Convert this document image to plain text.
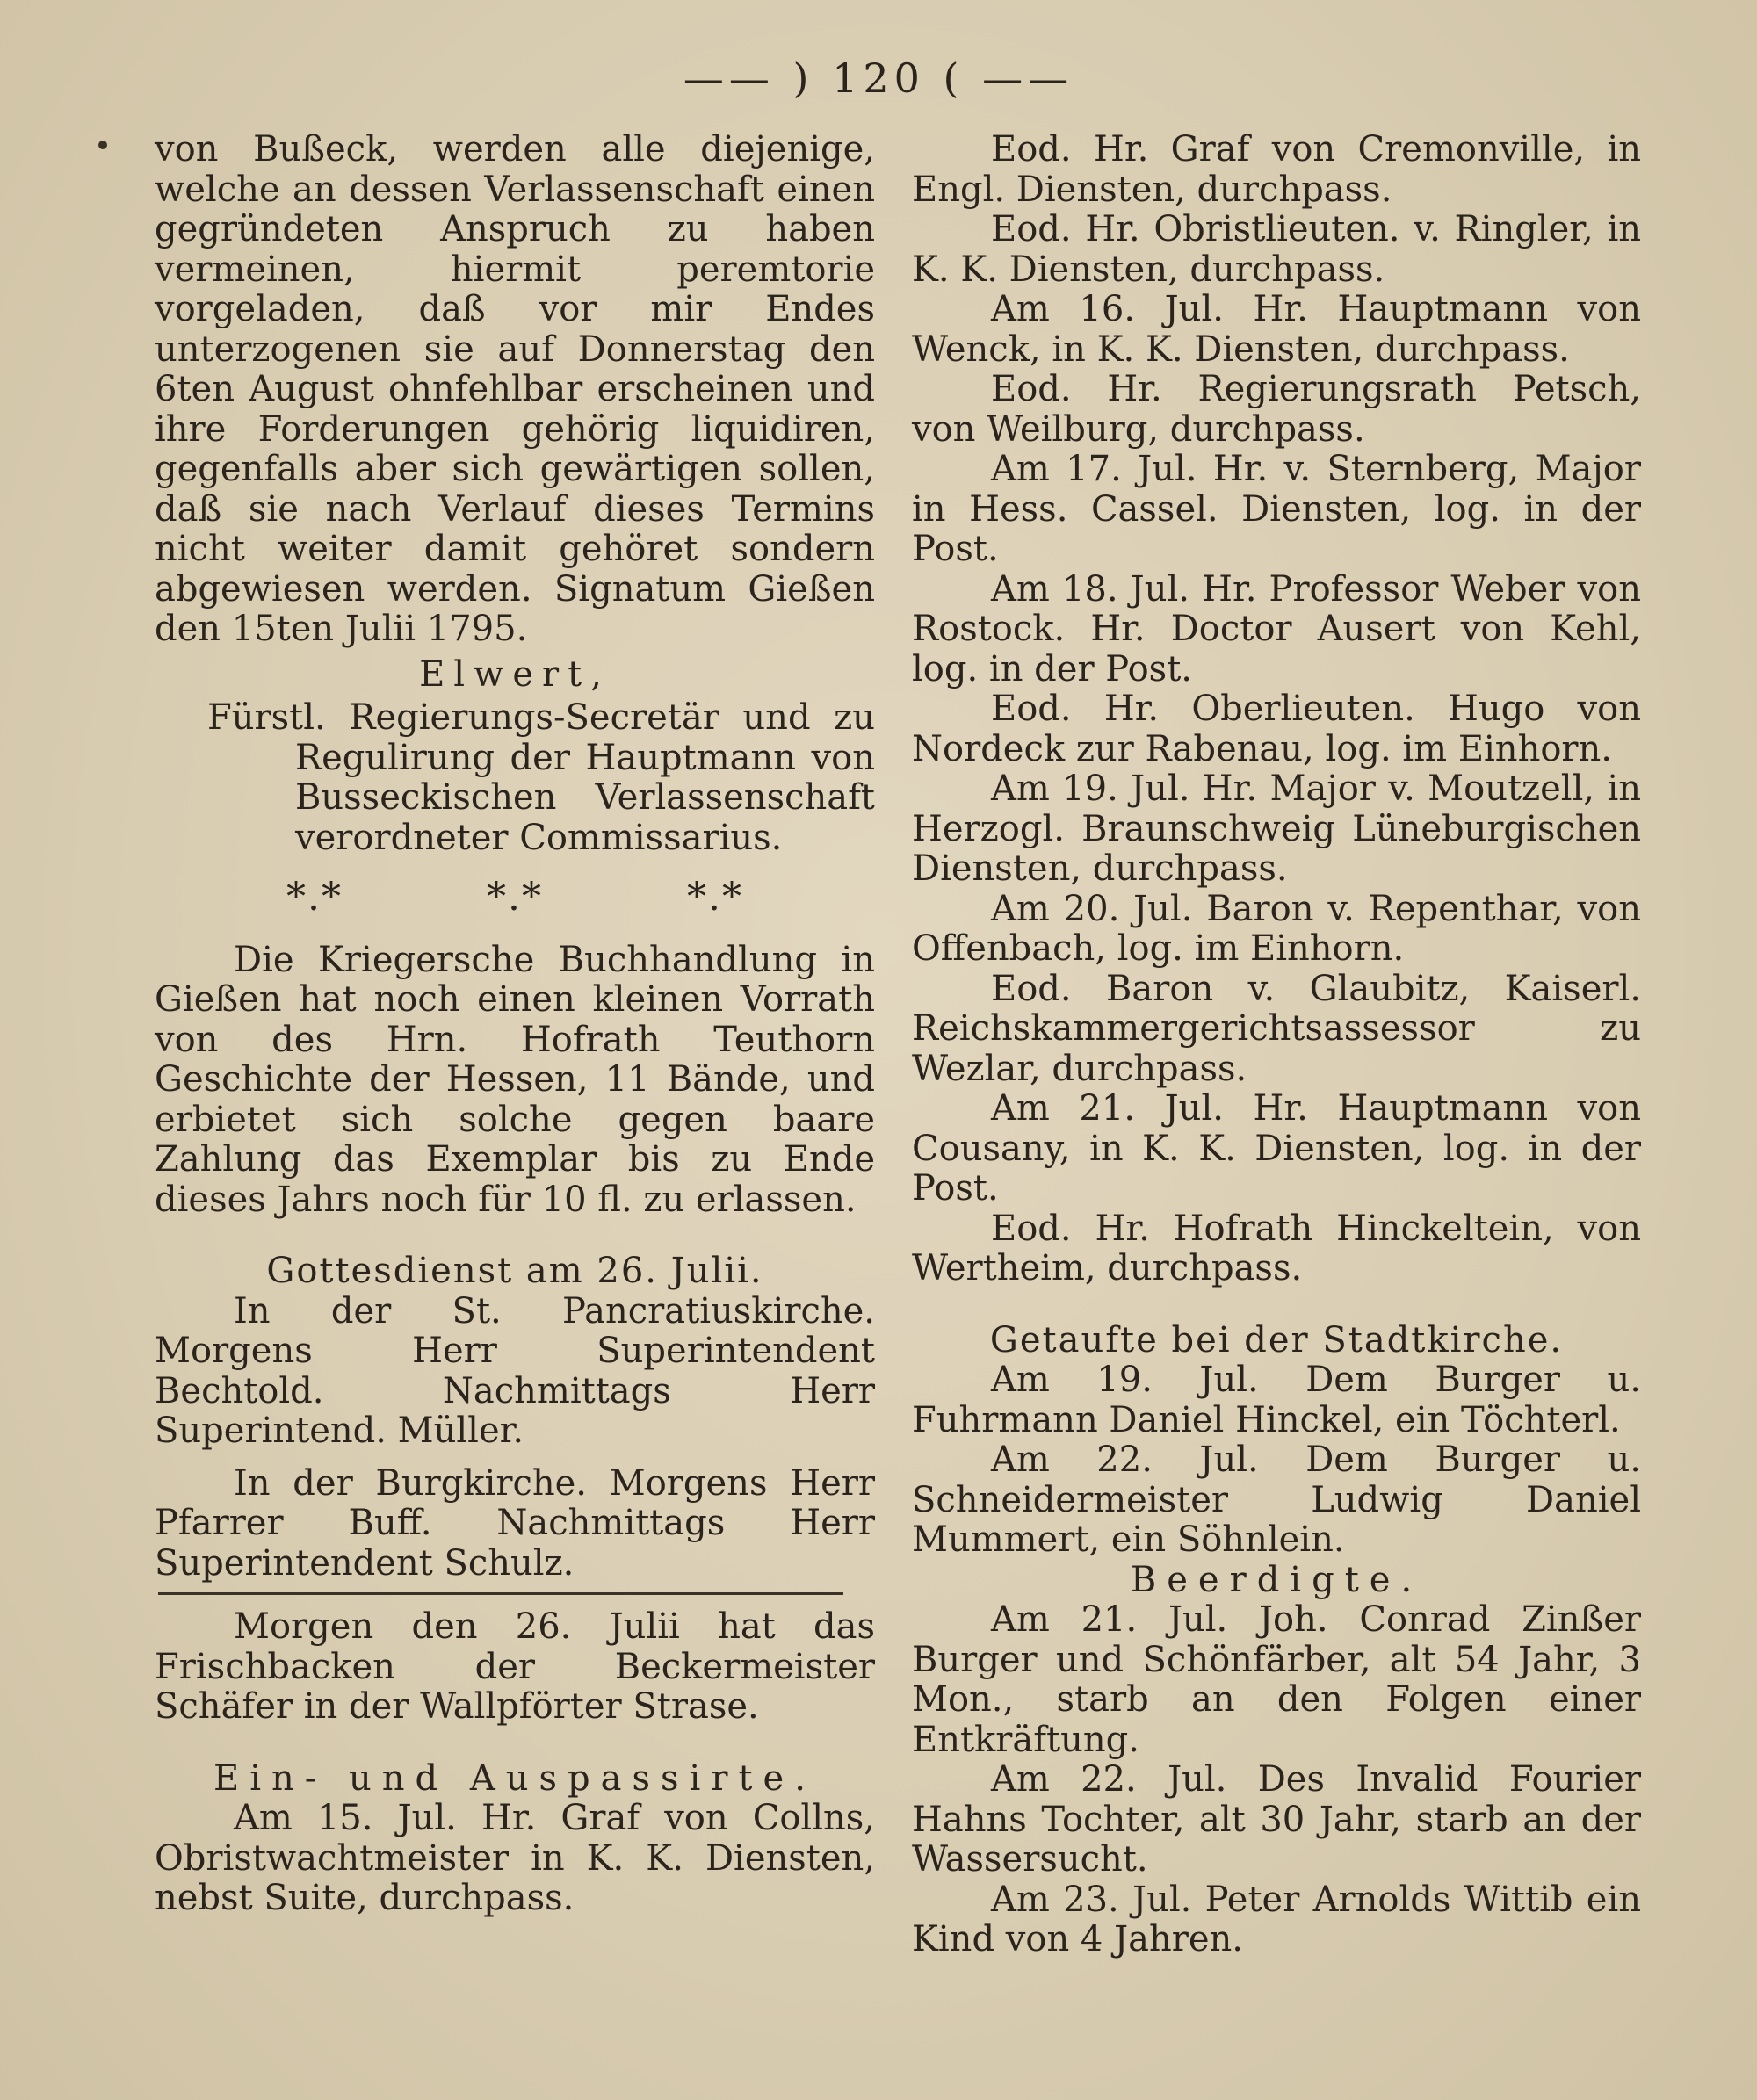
—— ) 120 ( ——

von Bußeck, werden alle diejenige, welche an dessen Verlassenschaft einen gegründeten Anspruch zu haben vermeinen, hiermit peremtorie vorgeladen, daß vor mir Endes unterzogenen sie auf Donnerstag den 6ten August ohnfehlbar erscheinen und ihre Forderungen gehörig liquidiren, gegenfalls aber sich gewärtigen sollen, daß sie nach Verlauf dieses Termins nicht weiter damit gehöret sondern abgewiesen werden. Signatum Gießen den 15ten Julii 1795.

Elwert,

Fürstl. Regierungs-Secretär und zu Regulirung der Hauptmann von Busseckischen Verlassenschaft verordneter Commissarius.

*.*	*.*	*.*

Die Kriegersche Buchhandlung in Gießen hat noch einen kleinen Vorrath von des Hrn. Hofrath Teuthorn Geschichte der Hessen, 11 Bände, und erbietet sich solche gegen baare Zahlung das Exemplar bis zu Ende dieses Jahrs noch für 10 fl. zu erlassen.

Gottesdienst am 26. Julii.

In der St. Pancratiuskirche. Morgens Herr Superintendent Bechtold. Nachmittags Herr Superintend. Müller.

In der Burgkirche. Morgens Herr Pfarrer Buff. Nachmittags Herr Superintendent Schulz.

Morgen den 26. Julii hat das Frischbacken der Beckermeister Schäfer in der Wallpförter Strase.

Ein- und Auspassirte.

Am 15. Jul. Hr. Graf von Collns, Obristwachtmeister in K. K. Diensten, nebst Suite, durchpass.

Eod. Hr. Graf von Cremonville, in Engl. Diensten, durchpass.

Eod. Hr. Obristlieuten. v. Ringler, in K. K. Diensten, durchpass.

Am 16. Jul. Hr. Hauptmann von Wenck, in K. K. Diensten, durchpass.

Eod. Hr. Regierungsrath Petsch, von Weilburg, durchpass.

Am 17. Jul. Hr. v. Sternberg, Major in Hess. Cassel. Diensten, log. in der Post.

Am 18. Jul. Hr. Professor Weber von Rostock. Hr. Doctor Ausert von Kehl, log. in der Post.

Eod. Hr. Oberlieuten. Hugo von Nordeck zur Rabenau, log. im Einhorn.

Am 19. Jul. Hr. Major v. Moutzell, in Herzogl. Braunschweig Lüneburgischen Diensten, durchpass.

Am 20. Jul. Baron v. Repenthar, von Offenbach, log. im Einhorn.

Eod. Baron v. Glaubitz, Kaiserl. Reichskammergerichtsassessor zu Wezlar, durchpass.

Am 21. Jul. Hr. Hauptmann von Cousany, in K. K. Diensten, log. in der Post.

Eod. Hr. Hofrath Hinckeltein, von Wertheim, durchpass.

Getaufte bei der Stadtkirche.

Am 19. Jul. Dem Burger u. Fuhrmann Daniel Hinckel, ein Töchterl.

Am 22. Jul. Dem Burger u. Schneidermeister Ludwig Daniel Mummert, ein Söhnlein.

Beerdigte.

Am 21. Jul. Joh. Conrad Zinßer Burger und Schönfärber, alt 54 Jahr, 3 Mon., starb an den Folgen einer Entkräftung.

Am 22. Jul. Des Invalid Fourier Hahns Tochter, alt 30 Jahr, starb an der Wassersucht.

Am 23. Jul. Peter Arnolds Wittib ein Kind von 4 Jahren.
